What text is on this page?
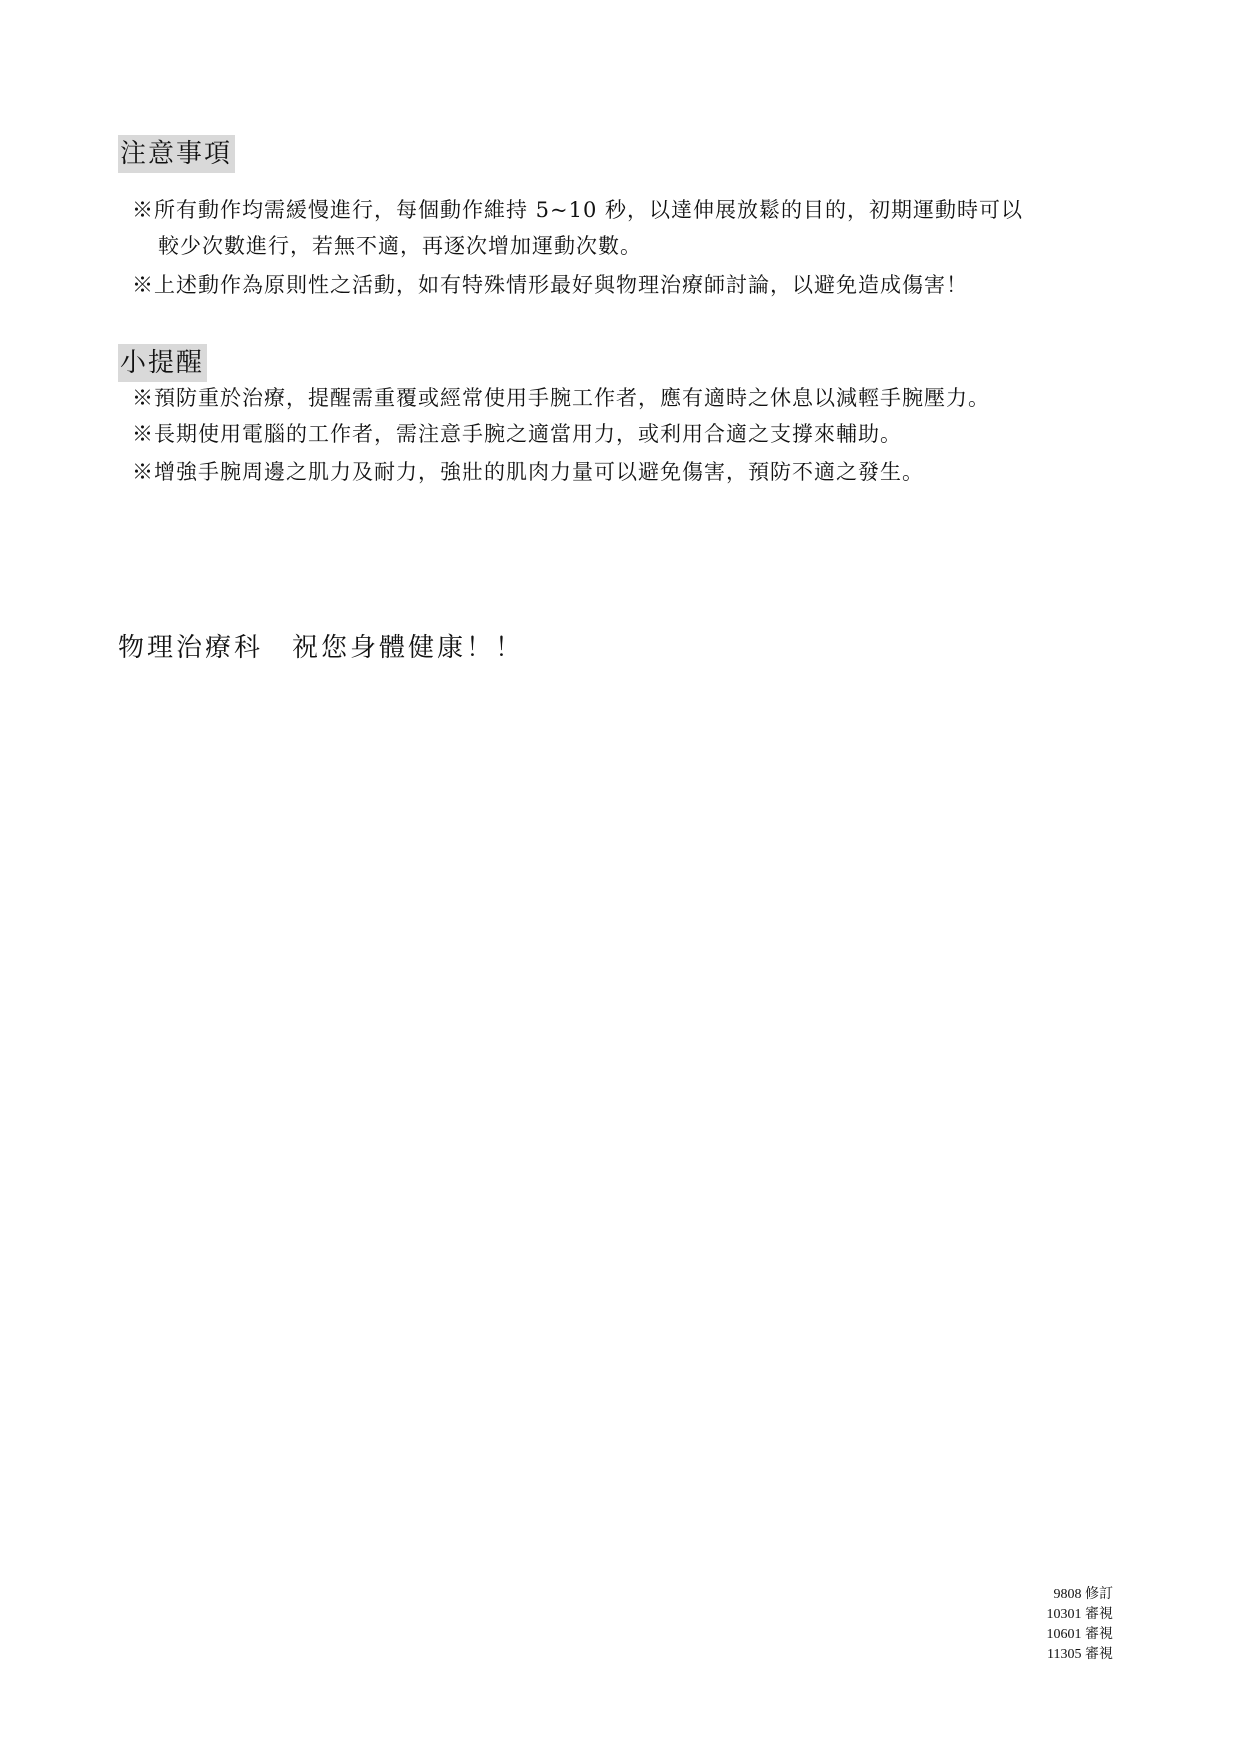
注意事項
※所有動作均需緩慢進行，每個動作維持 5~10 秒，以達伸展放鬆的目的，初期運動時可以
較少次數進行，若無不適，再逐次增加運動次數。
※上述動作為原則性之活動，如有特殊情形最好與物理治療師討論，以避免造成傷害！
小提醒
※預防重於治療，提醒需重覆或經常使用手腕工作者，應有適時之休息以減輕手腕壓力。
※長期使用電腦的工作者，需注意手腕之適當用力，或利用合適之支撐來輔助。
※增強手腕周邊之肌力及耐力，強壯的肌肉力量可以避免傷害，預防不適之發生。
物理治療科　祝您身體健康！！
9808 修訂
10301 審視
10601 審視
11305 審視
